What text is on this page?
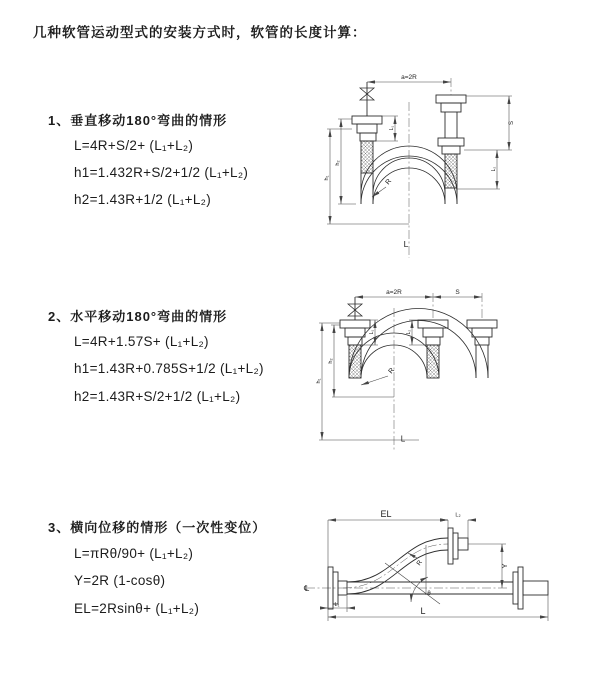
几种软管运动型式的安装方式时，软管的长度计算：
1、垂直移动180°弯曲的情形
L=4R+S/2+ (L₁+L₂)
h1=1.432R+S/2+1/2 (L₁+L₂)
h2=1.43R+1/2 (L₁+L₂)
2、水平移动180°弯曲的情形
L=4R+1.57S+ (L₁+L₂)
h1=1.43R+0.785S+1/2 (L₁+L₂)
h2=1.43R+S/2+1/2 (L₁+L₂)
3、横向位移的情形（一次性变位）
L=πRθ/90+ (L₁+L₂)
Y=2R (1-cosθ)
EL=2Rsinθ+ (L₁+L₂)
a=2R
h₂
h₁
L₁
S
L₂
R
L
a=2R	S
h₁
h₂
L₁	L₂
R
L
EL	L₂
Y
R
θ
L
L₁
℄
